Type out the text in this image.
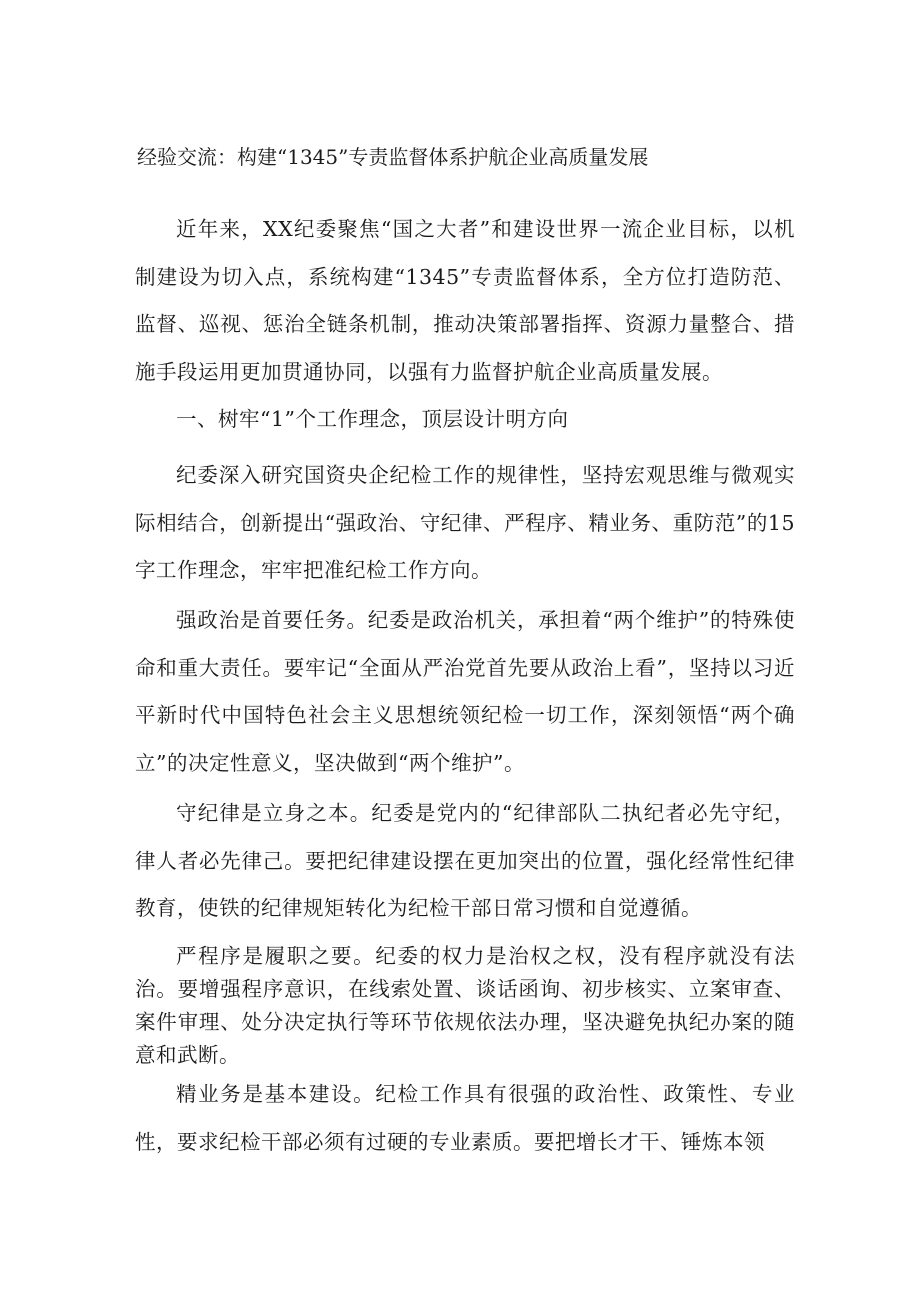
经验交流：构建“1345”专责监督体系护航企业高质量发展

近年来，XX纪委聚焦“国之大者”和建设世界一流企业目标，以机制建设为切入点，系统构建“1345”专责监督体系，全方位打造防范、监督、巡视、惩治全链条机制，推动决策部署指挥、资源力量整合、措施手段运用更加贯通协同，以强有力监督护航企业高质量发展。

一、树牢“1”个工作理念，顶层设计明方向

纪委深入研究国资央企纪检工作的规律性，坚持宏观思维与微观实际相结合，创新提出“强政治、守纪律、严程序、精业务、重防范”的15字工作理念，牢牢把准纪检工作方向。

强政治是首要任务。纪委是政治机关，承担着“两个维护”的特殊使命和重大责任。要牢记“全面从严治党首先要从政治上看”，坚持以习近平新时代中国特色社会主义思想统领纪检一切工作，深刻领悟“两个确立”的决定性意义，坚决做到“两个维护”。

守纪律是立身之本。纪委是党内的“纪律部队二执纪者必先守纪，律人者必先律己。要把纪律建设摆在更加突出的位置，强化经常性纪律教育，使铁的纪律规矩转化为纪检干部日常习惯和自觉遵循。

严程序是履职之要。纪委的权力是治权之权，没有程序就没有法治。要增强程序意识，在线索处置、谈话函询、初步核实、立案审查、案件审理、处分决定执行等环节依规依法办理，坚决避免执纪办案的随意和武断。

精业务是基本建设。纪检工作具有很强的政治性、政策性、专业性，要求纪检干部必须有过硬的专业素质。要把增长才干、锤炼本领
